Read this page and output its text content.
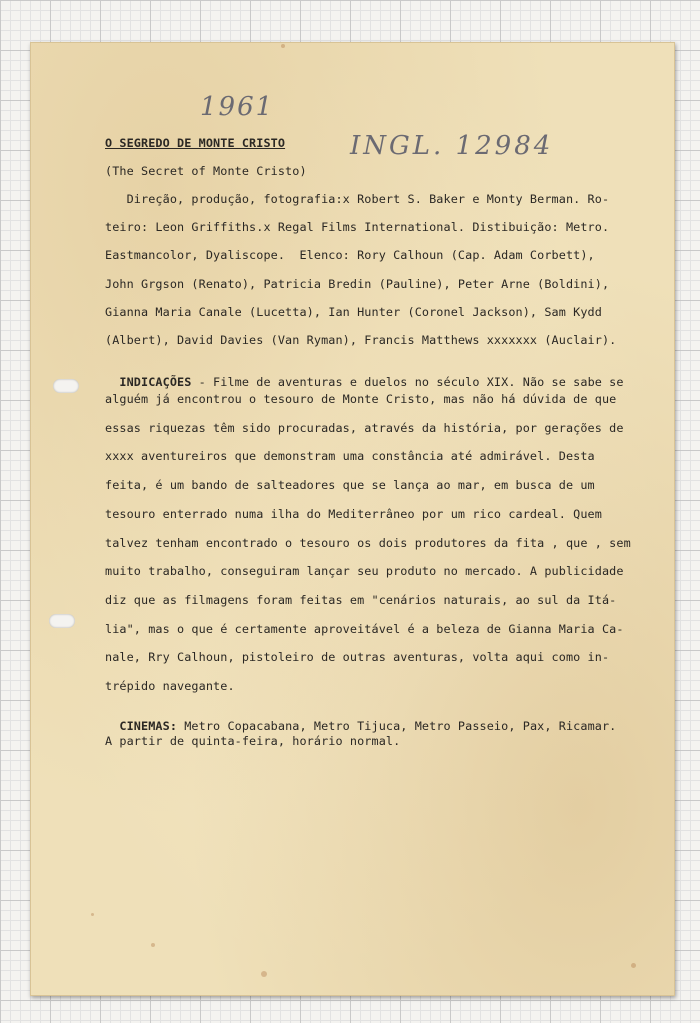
1961
INGL. 12984
O SEGREDO DE MONTE CRISTO
(The Secret of Monte Cristo)
Direção, produção, fotografia:x Robert S. Baker e Monty Berman. Ro-
teiro: Leon Griffiths.x Regal Films International. Distibuição: Metro.
Eastmancolor, Dyaliscope.  Elenco: Rory Calhoun (Cap. Adam Corbett),
John Grgson (Renato), Patricia Bredin (Pauline), Peter Arne (Boldini),
Gianna Maria Canale (Lucetta), Ian Hunter (Coronel Jackson), Sam Kydd
(Albert), David Davies (Van Ryman), Francis Matthews xxxxxxx (Auclair).

INDICAÇÕES - Filme de aventuras e duelos no século XIX. Não se sabe se

alguém já encontrou o tesouro de Monte Cristo, mas não há dúvida de que
essas riquezas têm sido procuradas, através da história, por gerações de
xxxx aventureiros que demonstram uma constância até admirável. Desta
feita, é um bando de salteadores que se lança ao mar, em busca de um
tesouro enterrado numa ilha do Mediterrâneo por um rico cardeal. Quem
talvez tenham encontrado o tesouro os dois produtores da fita , que , sem
muito trabalho, conseguiram lançar seu produto no mercado. A publicidade
diz que as filmagens foram feitas em "cenários naturais, ao sul da Itá-
lia", mas o que é certamente aproveitável é a beleza de Gianna Maria Ca-
nale, Rry Calhoun, pistoleiro de outras aventuras, volta aqui como in-
trépido navegante.

CINEMAS: Metro Copacabana, Metro Tijuca, Metro Passeio, Pax, Ricamar.

A partir de quinta-feira, horário normal.
